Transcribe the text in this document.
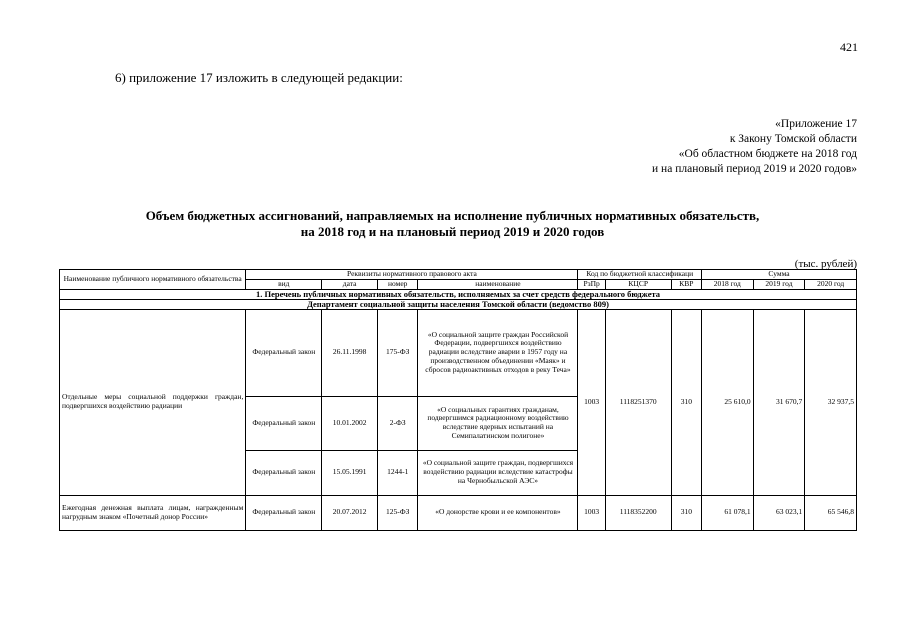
421
6) приложение 17 изложить в следующей редакции:
«Приложение 17
к Закону Томской области
«Об областном бюджете на 2018 год
и на плановый период 2019 и 2020 годов»
Объем бюджетных ассигнований, направляемых на исполнение публичных нормативных обязательств,
на 2018 год и на плановый период 2019 и 2020 годов
(тыс. рублей)
Наименование публичного нормативного обязательства	Реквизиты нормативного правового акта				Код по бюджетной классификаци			Сумма		
	вид	дата	номер	наименование	РзПр	КЦСР	КВР	2018 год	2019 год	2020 год
1. Перечень публичных нормативных обязательств, исполняемых за счет средств федерального бюджета										
Департамент социальной защиты населения Томской области (ведомство 809)										
Отдельные меры социальной поддержки граждан, подвергшихся воздействию радиации	Федеральный закон	26.11.1998	175-ФЗ	«О социальной защите граждан Российской Федерации, подвергшихся воздействию радиации вследствие аварии в 1957 году на производственном объединении «Маяк» и сбросов радиоактивных отходов в реку Теча»	1003	1118251370	310	25 610,0	31 670,7	32 937,5
	Федеральный закон	10.01.2002	2-ФЗ	«О социальных гарантиях гражданам, подвергшимся радиационному воздействию вследствие ядерных испытаний на Семипалатинском полигоне»						
	Федеральный закон	15.05.1991	1244-1	«О социальной защите граждан, подвергшихся воздействию радиации вследствие катастрофы на Чернобыльской АЭС»						
Ежегодная денежная выплата лицам, награжденным нагрудным знаком «Почетный донор России»	Федеральный закон	20.07.2012	125-ФЗ	«О донорстве крови и ее компонентов»	1003	1118352200	310	61 078,1	63 023,1	65 546,8
